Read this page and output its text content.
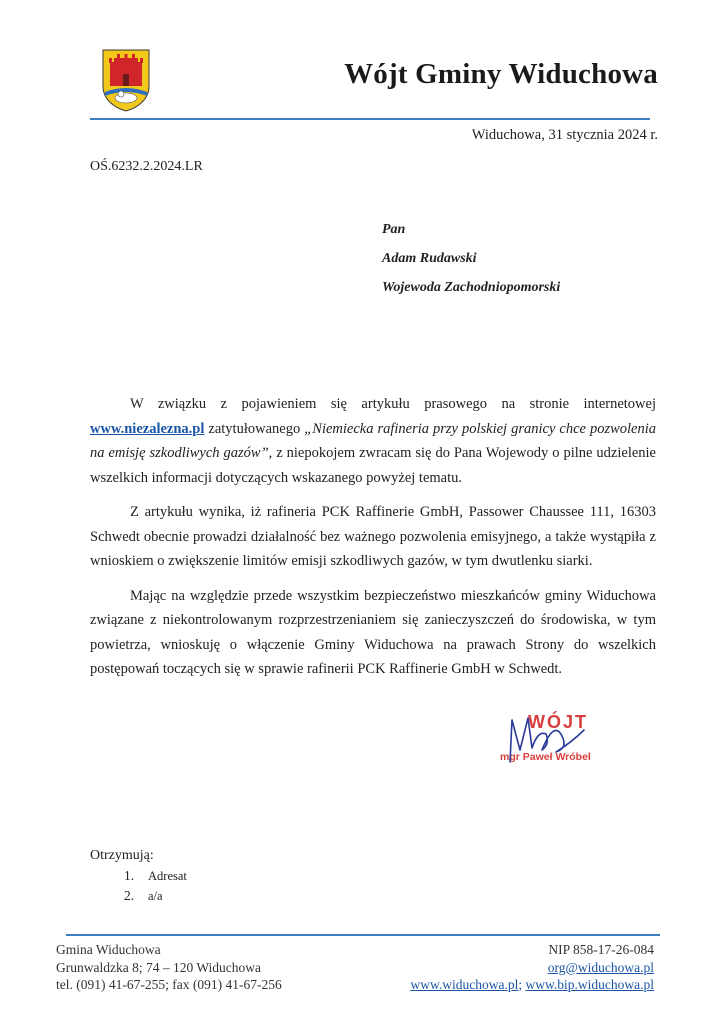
Wójt Gminy Widuchowa
Widuchowa, 31 stycznia 2024 r.
OŚ.6232.2.2024.LR
Pan
Adam Rudawski
Wojewoda Zachodniopomorski

W związku z pojawieniem się artykułu prasowego na stronie internetowej www.niezalezna.pl zatytułowanego „Niemiecka rafineria przy polskiej granicy chce pozwolenia na emisję szkodliwych gazów”, z niepokojem zwracam się do Pana Wojewody o pilne udzielenie wszelkich informacji dotyczących wskazanego powyżej tematu.

Z artykułu wynika, iż rafineria PCK Raffinerie GmbH, Passower Chaussee 111, 16303 Schwedt obecnie prowadzi działalność bez ważnego pozwolenia emisyjnego, a także wystąpiła z wnioskiem o zwiększenie limitów emisji szkodliwych gazów, w tym dwutlenku siarki.

Mając na względzie przede wszystkim bezpieczeństwo mieszkańców gminy Widuchowa związane z niekontrolowanym rozprzestrzenianiem się zanieczyszczeń do środowiska, w tym powietrza, wnioskuję o włączenie Gminy Widuchowa na prawach Strony do wszelkich postępowań toczących się w sprawie rafinerii PCK Raffinerie GmbH w Schwedt.

WÓJT
mgr Paweł Wróbel
Otrzymują:
1. Adresat
2. a/a
Gmina Widuchowa
Grunwaldzka 8; 74 – 120 Widuchowa
tel. (091) 41-67-255; fax (091) 41-67-256
NIP 858-17-26-084
org@widuchowa.pl
www.widuchowa.pl; www.bip.widuchowa.pl
